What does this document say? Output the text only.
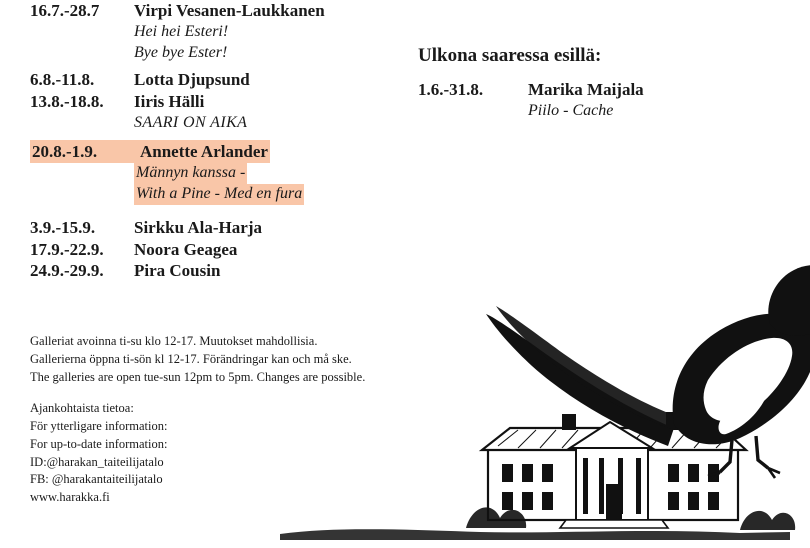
16.7.-28.7	Virpi Vesanen-Laukkanen
Hei hei Esteri!
Bye bye Ester!
6.8.-11.8.	Lotta Djupsund
13.8.-18.8.	Iiris Hälli
SAARI ON AIKA
20.8.-1.9.	Annette Arlander
Männyn kanssa -
With a Pine - Med en fura
3.9.-15.9.	Sirkku Ala-Harja
17.9.-22.9.	Noora Geagea
24.9.-29.9.	Pira Cousin
Ulkona saaressa esillä:
1.6.-31.8.	Marika Maijala
Piilo - Cache
Galleriat avoinna ti-su klo 12-17. Muutokset mahdollisia.
Gallerierna öppna ti-sön kl 12-17. Förändringar kan och må ske.
The galleries are open tue-sun 12pm to 5pm. Changes are possible.
Ajankohtaista tietoa:
För ytterligare information:
For up-to-date information:
ID:@harakan_taiteilijatalo
FB: @harakantaiteilijatalo
www.harakka.fi
